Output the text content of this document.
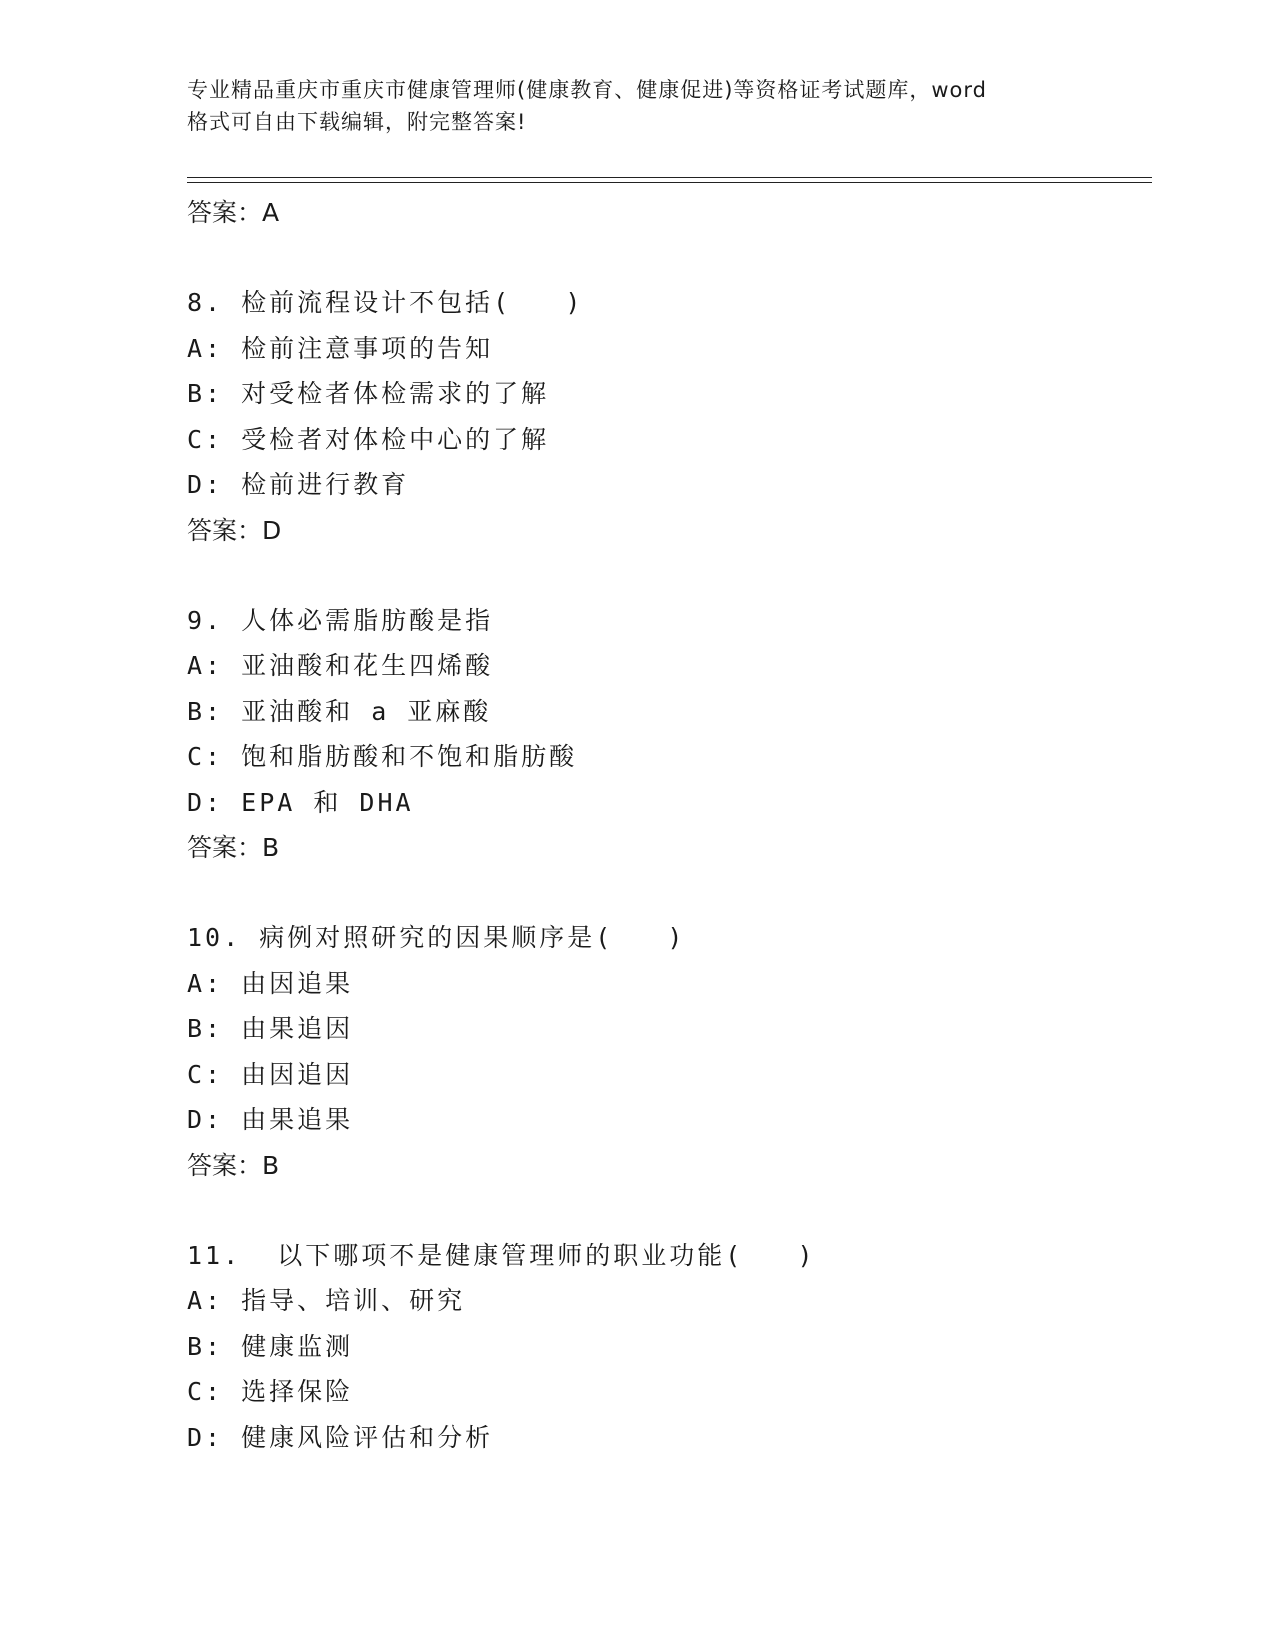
专业精品重庆市重庆市健康管理师(健康教育、健康促进)等资格证考试题库，word
格式可自由下载编辑，附完整答案!
答案：A
8. 检前流程设计不包括(   )
A: 检前注意事项的告知
B: 对受检者体检需求的了解
C: 受检者对体检中心的了解
D: 检前进行教育
答案：D
9. 人体必需脂肪酸是指
A: 亚油酸和花生四烯酸
B: 亚油酸和 a 亚麻酸
C: 饱和脂肪酸和不饱和脂肪酸
D: EPA 和 DHA
答案：B
10. 病例对照研究的因果顺序是(   )
A: 由因追果
B: 由果追因
C: 由因追因
D: 由果追果
答案：B
11.  以下哪项不是健康管理师的职业功能(   )
A: 指导、培训、研究
B: 健康监测
C: 选择保险
D: 健康风险评估和分析
